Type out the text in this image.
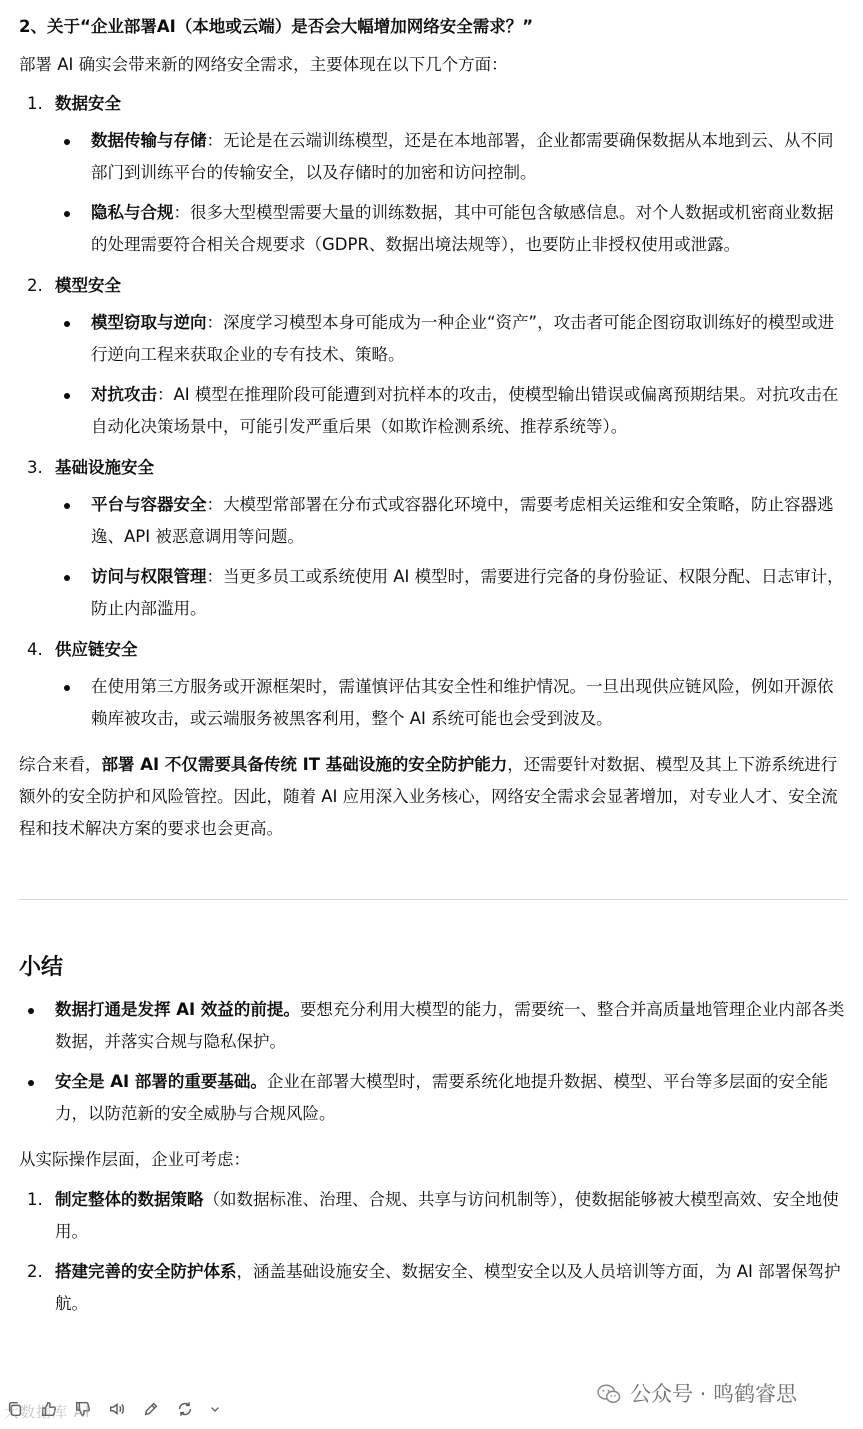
2、关于“企业部署AI（本地或云端）是否会大幅增加网络安全需求？”

部署 AI 确实会带来新的网络安全需求，主要体现在以下几个方面：

1. 数据安全
数据传输与存储：无论是在云端训练模型，还是在本地部署，企业都需要确保数据从本地到云、从不同部门到训练平台的传输安全，以及存储时的加密和访问控制。
隐私与合规：很多大型模型需要大量的训练数据，其中可能包含敏感信息。对个人数据或机密商业数据的处理需要符合相关合规要求（GDPR、数据出境法规等），也要防止非授权使用或泄露。
2. 模型安全
模型窃取与逆向：深度学习模型本身可能成为一种企业“资产”，攻击者可能企图窃取训练好的模型或进行逆向工程来获取企业的专有技术、策略。
对抗攻击：AI 模型在推理阶段可能遭到对抗样本的攻击，使模型输出错误或偏离预期结果。对抗攻击在自动化决策场景中，可能引发严重后果（如欺诈检测系统、推荐系统等）。
3. 基础设施安全
平台与容器安全：大模型常部署在分布式或容器化环境中，需要考虑相关运维和安全策略，防止容器逃逸、API 被恶意调用等问题。
访问与权限管理：当更多员工或系统使用 AI 模型时，需要进行完备的身份验证、权限分配、日志审计，防止内部滥用。
4. 供应链安全
在使用第三方服务或开源框架时，需谨慎评估其安全性和维护情况。一旦出现供应链风险，例如开源依赖库被攻击，或云端服务被黑客利用，整个 AI 系统可能也会受到波及。

综合来看，部署 AI 不仅需要具备传统 IT 基础设施的安全防护能力，还需要针对数据、模型及其上下游系统进行额外的安全防护和风险管控。因此，随着 AI 应用深入业务核心，网络安全需求会显著增加，对专业人才、安全流程和技术解决方案的要求也会更高。

小结
数据打通是发挥 AI 效益的前提。要想充分利用大模型的能力，需要统一、整合并高质量地管理企业内部各类数据，并落实合规与隐私保护。
安全是 AI 部署的重要基础。企业在部署大模型时，需要系统化地提升数据、模型、平台等多层面的安全能力，以防范新的安全威胁与合规风险。

从实际操作层面，企业可考虑：

1. 制定整体的数据策略（如数据标准、治理、合规、共享与访问机制等），使数据能够被大模型高效、安全地使用。
2. 搭建完善的安全防护体系，涵盖基础设施安全、数据安全、模型安全以及人员培训等方面，为 AI 部署保驾护航。
大数据库 AI
公众号 · 鸣鹤睿思
